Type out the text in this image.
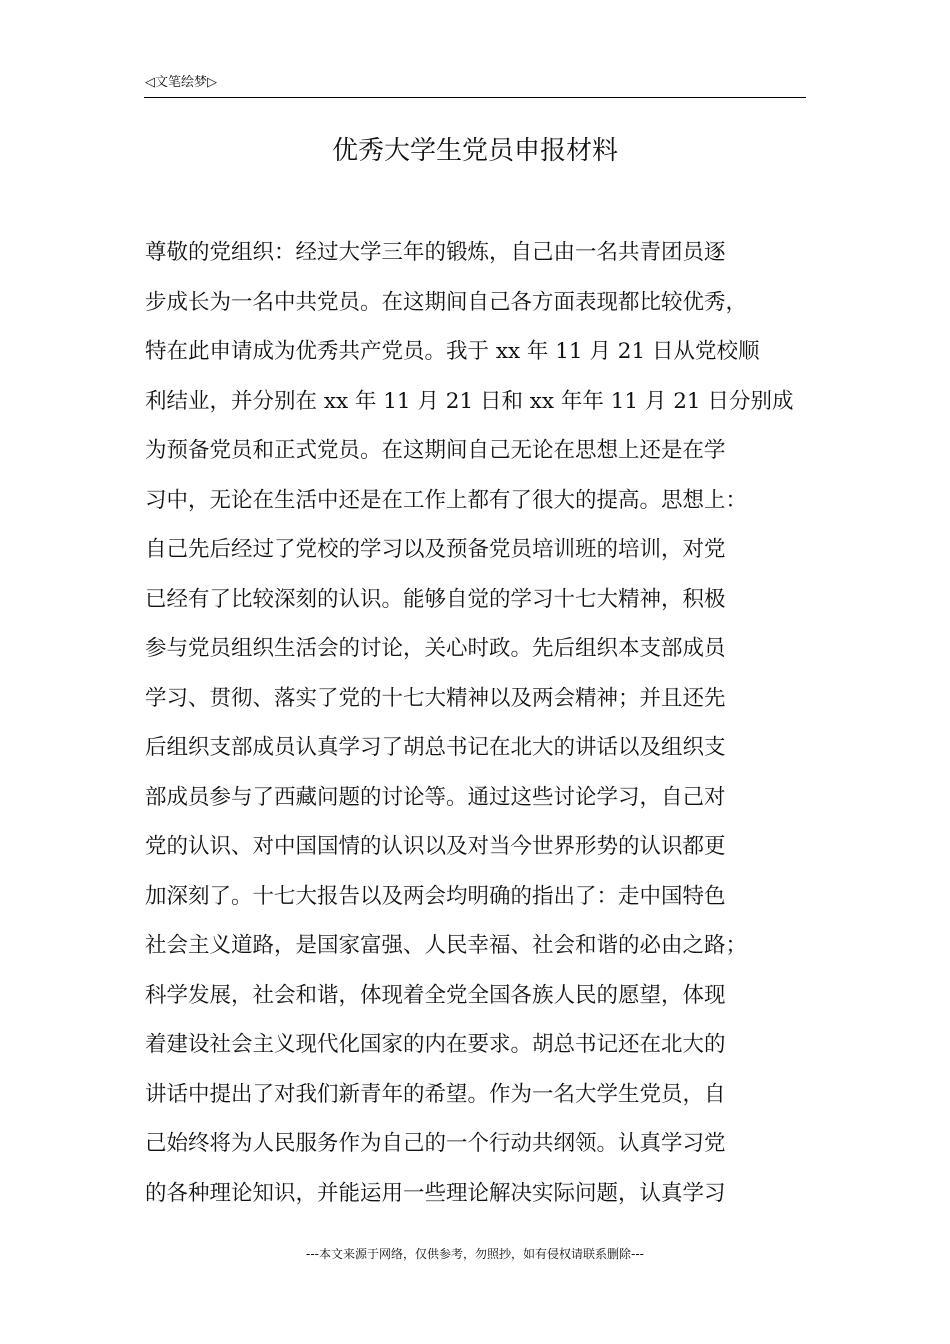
◁文笔绘梦▷
优秀大学生党员申报材料
尊敬的党组织：经过大学三年的锻炼，自己由一名共青团员逐
步成长为一名中共党员。在这期间自己各方面表现都比较优秀，
特在此申请成为优秀共产党员。我于 xx 年 11 月 21 日从党校顺
利结业，并分别在 xx 年 11 月 21 日和 xx 年年 11 月 21 日分别成
为预备党员和正式党员。在这期间自己无论在思想上还是在学
习中，无论在生活中还是在工作上都有了很大的提高。思想上：
自己先后经过了党校的学习以及预备党员培训班的培训，对党
已经有了比较深刻的认识。能够自觉的学习十七大精神，积极
参与党员组织生活会的讨论，关心时政。先后组织本支部成员
学习、贯彻、落实了党的十七大精神以及两会精神；并且还先
后组织支部成员认真学习了胡总书记在北大的讲话以及组织支
部成员参与了西藏问题的讨论等。通过这些讨论学习，自己对
党的认识、对中国国情的认识以及对当今世界形势的认识都更
加深刻了。十七大报告以及两会均明确的指出了：走中国特色
社会主义道路，是国家富强、人民幸福、社会和谐的必由之路；
科学发展，社会和谐，体现着全党全国各族人民的愿望，体现
着建设社会主义现代化国家的内在要求。胡总书记还在北大的
讲话中提出了对我们新青年的希望。作为一名大学生党员，自
己始终将为人民服务作为自己的一个行动共纲领。认真学习党
的各种理论知识，并能运用一些理论解决实际问题，认真学习
---本文来源于网络，仅供参考，勿照抄，如有侵权请联系删除---
